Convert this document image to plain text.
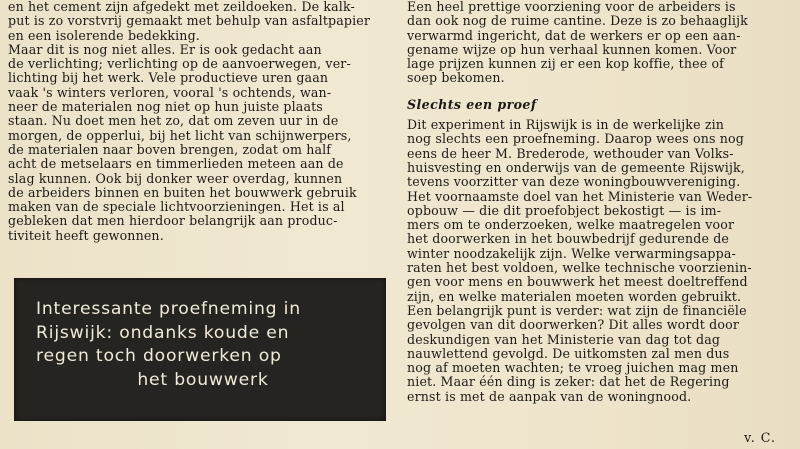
en het cement zijn afgedekt met zeildoeken. De kalk-
put is zo vorstvrij gemaakt met behulp van asfaltpapier
en een isolerende bedekking.

Maar dit is nog niet alles. Er is ook gedacht aan
de verlichting; verlichting op de aanvoerwegen, ver-
lichting bij het werk. Vele productieve uren gaan
vaak 's winters verloren, vooral 's ochtends, wan-
neer de materialen nog niet op hun juiste plaats
staan. Nu doet men het zo, dat om zeven uur in de
morgen, de opperlui, bij het licht van schijnwerpers,
de materialen naar boven brengen, zodat om half
acht de metselaars en timmerlieden meteen aan de
slag kunnen. Ook bij donker weer overdag, kunnen
de arbeiders binnen en buiten het bouwwerk gebruik
maken van de speciale lichtvoorzieningen. Het is al
gebleken dat men hierdoor belangrijk aan produc-
tiviteit heeft gewonnen.

Interessante proefneming in
Rijswijk: ondanks koude en
regen toch doorwerken op
het bouwwerk

Een heel prettige voorziening voor de arbeiders is
dan ook nog de ruime cantine. Deze is zo behaaglijk
verwarmd ingericht, dat de werkers er op een aan-
gename wijze op hun verhaal kunnen komen. Voor
lage prijzen kunnen zij er een kop koffie, thee of
soep bekomen.

Slechts een proef

Dit experiment in Rijswijk is in de werkelijke zin
nog slechts een proefneming. Daarop wees ons nog
eens de heer M. Brederode, wethouder van Volks-
huisvesting en onderwijs van de gemeente Rijswijk,
tevens voorzitter van deze woningbouwvereniging.
Het voornaamste doel van het Ministerie van Weder-
opbouw — die dit proefobject bekostigt — is im-
mers om te onderzoeken, welke maatregelen voor
het doorwerken in het bouwbedrijf gedurende de
winter noodzakelijk zijn. Welke verwarmingsappa-
raten het best voldoen, welke technische voorzienin-
gen voor mens en bouwwerk het meest doeltreffend
zijn, en welke materialen moeten worden gebruikt.
Een belangrijk punt is verder: wat zijn de financiële
gevolgen van dit doorwerken? Dit alles wordt door
deskundigen van het Ministerie van dag tot dag
nauwlettend gevolgd. De uitkomsten zal men dus
nog af moeten wachten; te vroeg juichen mag men
niet. Maar één ding is zeker: dat het de Regering
ernst is met de aanpak van de woningnood.

v. C.
